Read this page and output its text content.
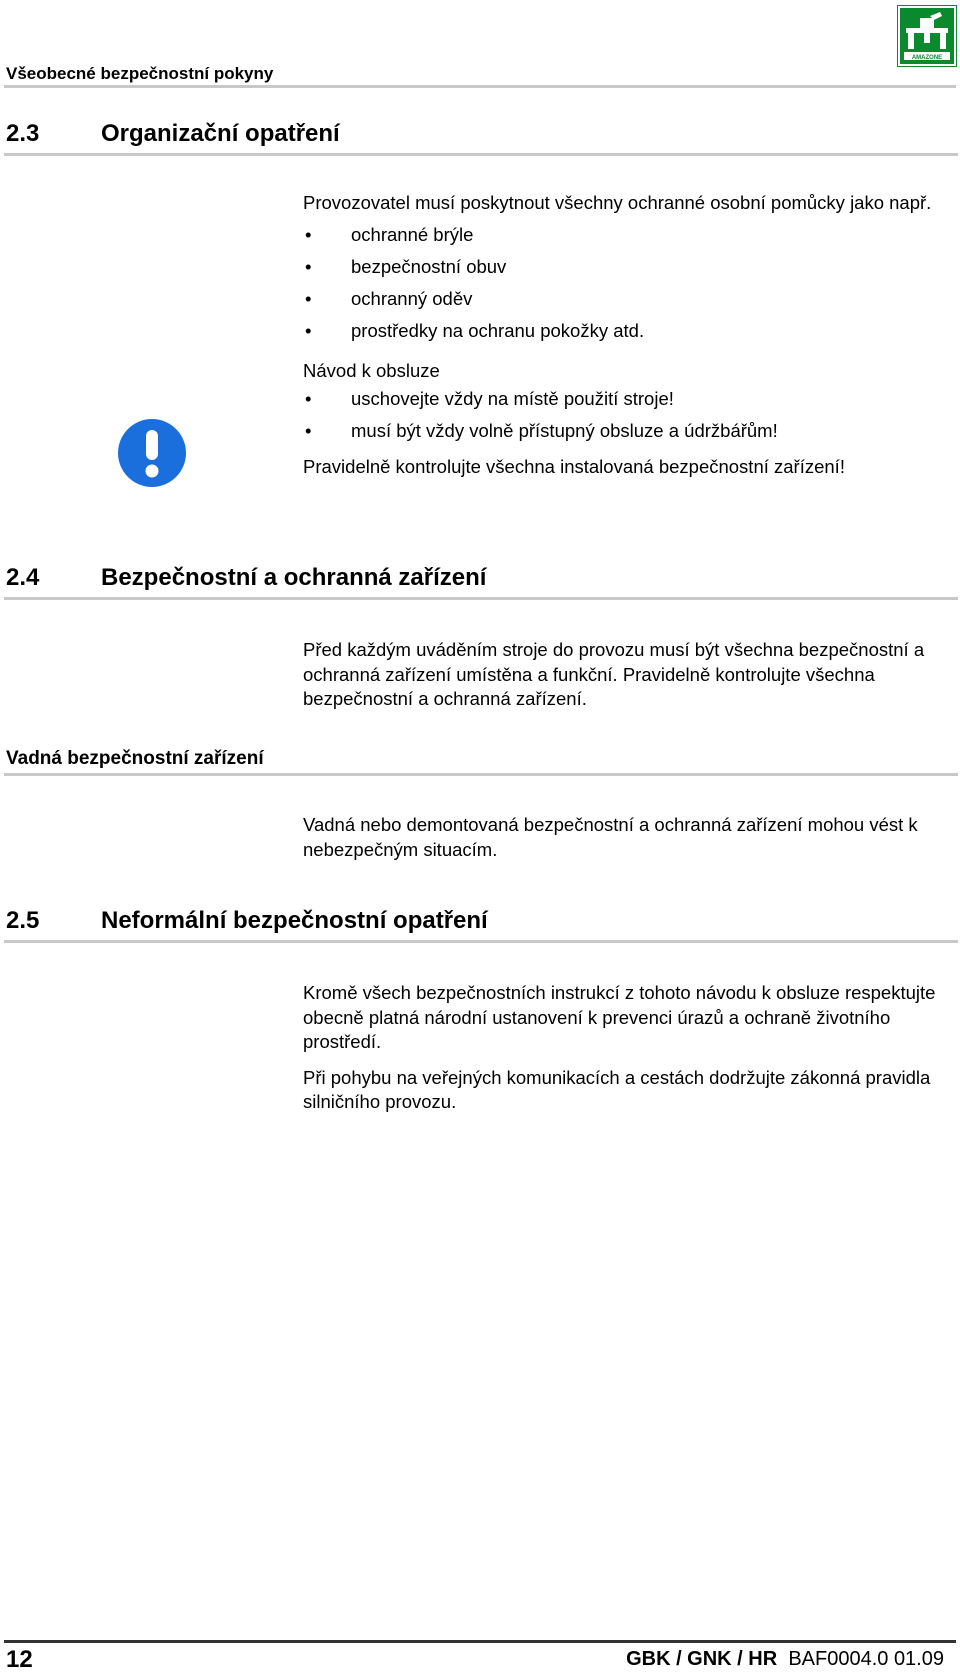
Všeobecné bezpečnostní pokyny
AMAZONE
2.3	Organizační opatření

Provozovatel musí poskytnout všechny ochranné osobní pomůcky jako např.

• ochranné brýle
• bezpečnostní obuv
• ochranný oděv
• prostředky na ochranu pokožky atd.

Návod k obsluze

• uschovejte vždy na místě použití stroje!
• musí být vždy volně přístupný obsluze a údržbářům!

Pravidelně kontrolujte všechna instalovaná bezpečnostní zařízení!

2.4	Bezpečnostní a ochranná zařízení

Před každým uváděním stroje do provozu musí být všechna bezpečnostní a ochranná zařízení umístěna a funkční. Pravidelně kontrolujte všechna bezpečnostní a ochranná zařízení.

Vadná bezpečnostní zařízení

Vadná nebo demontovaná bezpečnostní a ochranná zařízení mohou vést k nebezpečným situacím.

2.5	Neformální bezpečnostní opatření

Kromě všech bezpečnostních instrukcí z tohoto návodu k obsluze respektujte obecně platná národní ustanovení k prevenci úrazů a ochraně životního prostředí.

Při pohybu na veřejných komunikacích a cestách dodržujte zákonná pravidla silničního provozu.

12	GBK / GNK / HR BAF0004.0 01.09
